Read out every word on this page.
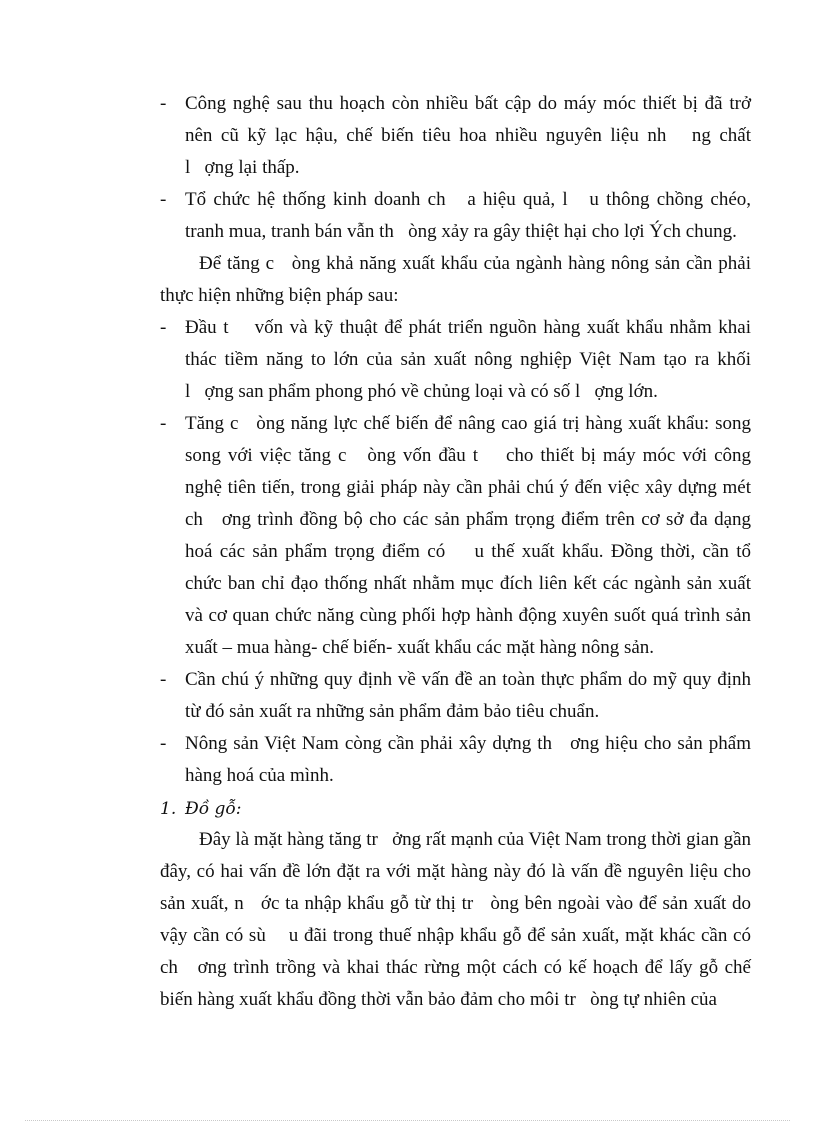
- Công nghệ sau thu hoạch còn nhiều bất cập do máy móc thiết bị đã trở
nên cũ kỹ lạc hậu, chế biến tiêu hoa nhiều nguyên liệu nh   ng chất
l   ợng lại thấp.
- Tổ chức hệ thống kinh doanh ch   a hiệu quả, l   u thông chồng chéo,
tranh mua, tranh bán vẫn th   òng xảy ra gây thiệt hại cho lợi Ých chung.
Để tăng c   òng khả năng xuất khẩu của ngành hàng nông sản cần phải
thực hiện những biện pháp sau:
- Đầu t    vốn và kỹ thuật để phát triển nguồn hàng xuất khẩu nhằm khai
thác tiềm năng to lớn của sản xuất nông nghiệp Việt Nam tạo ra khối
l   ợng san phẩm phong phó về chủng loại và có số l   ợng lớn.
- Tăng c   òng năng lực chế biến để nâng cao giá trị hàng xuất khẩu: song
song với việc tăng c   òng vốn đầu t    cho thiết bị máy móc với công
nghệ tiên tiến, trong giải pháp này cần phải chú ý đến việc xây dựng mét
ch   ơng trình đồng bộ cho các sản phẩm trọng điểm trên cơ sở đa dạng
hoá các sản phẩm trọng điểm có    u thế xuất khẩu. Đồng thời, cần tổ
chức ban chỉ đạo thống nhất nhằm mục đích liên kết các ngành sản xuất
và cơ quan chức năng cùng phối hợp hành động xuyên suốt quá trình sản
xuất – mua hàng- chế biến- xuất khẩu các mặt hàng nông sản.
- Cần chú ý những quy định về vấn đề an toàn thực phẩm do mỹ quy định
từ đó sản xuất ra những sản phẩm đảm bảo tiêu chuẩn.
- Nông sản Việt Nam còng cần phải xây dựng th   ơng hiệu cho sản phẩm
hàng hoá của mình.
1. Đồ gỗ:
Đây là mặt hàng tăng tr   ởng rất mạnh của Việt Nam trong thời gian gần
đây, có hai vấn đề lớn đặt ra với mặt hàng này đó là vấn đề nguyên liệu cho
sản xuất, n   ớc ta nhập khẩu gỗ từ thị tr   òng bên ngoài vào để sản xuất do
vậy cần có sù    u đãi trong thuế nhập khẩu gỗ để sản xuất, mặt khác cần có
ch   ơng trình trồng và khai thác rừng một cách có kế hoạch để lấy gỗ chế
biến hàng xuất khẩu đồng thời vẫn bảo đảm cho môi tr   òng tự nhiên của
